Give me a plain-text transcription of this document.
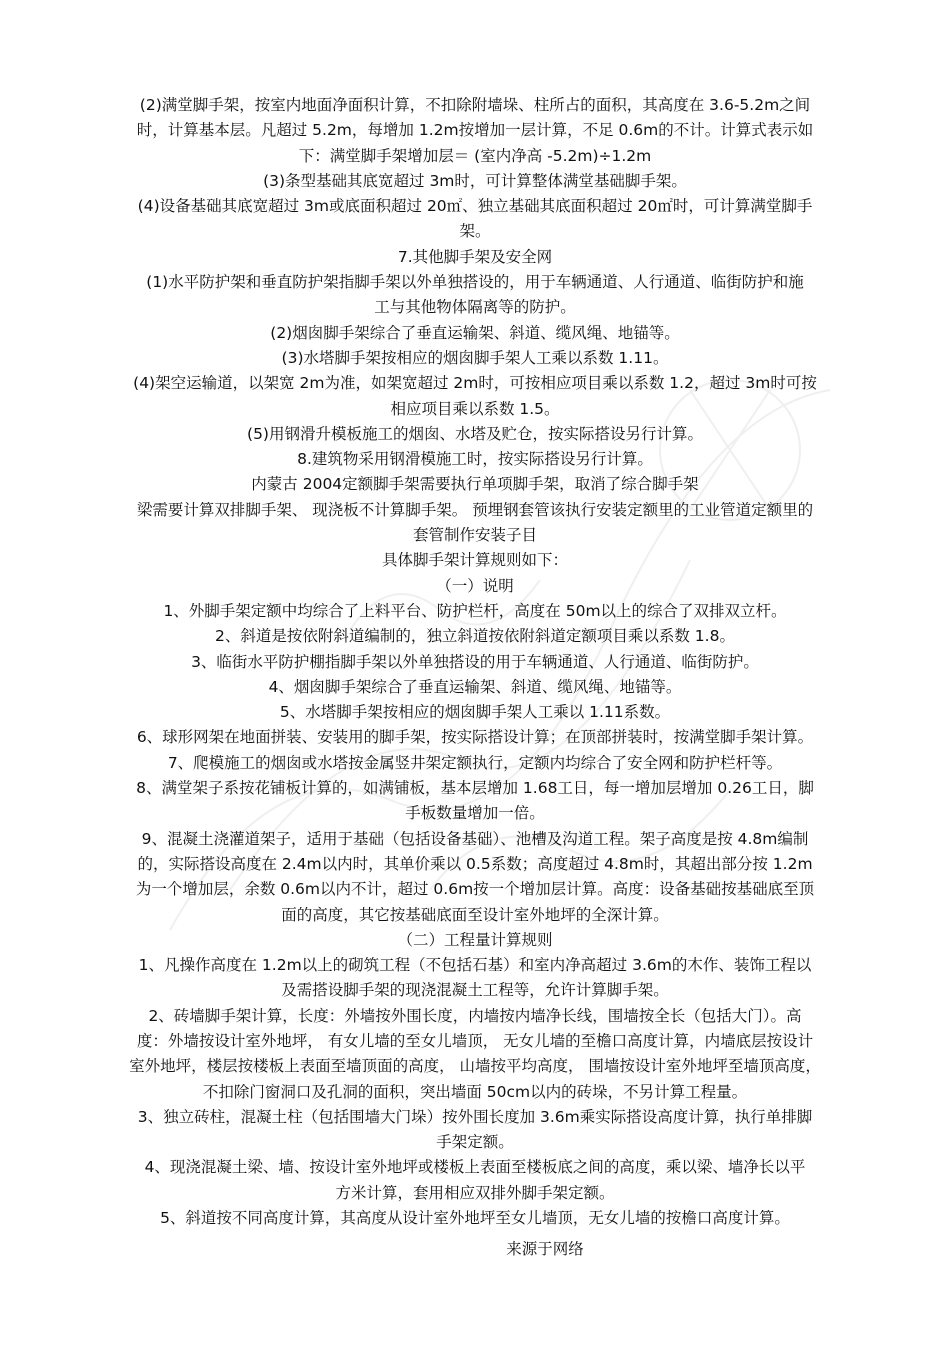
(2)满堂脚手架，按室内地面净面积计算，不扣除附墙垛、柱所占的面积，其高度在 3.6-5.2m之间
时，计算基本层。凡超过 5.2m，每增加 1.2m按增加一层计算，不足 0.6m的不计。计算式表示如
下：满堂脚手架增加层＝ (室内净高 -5.2m)÷1.2m
(3)条型基础其底宽超过 3m时，可计算整体满堂基础脚手架。
(4)设备基础其底宽超过 3m或底面积超过 20㎡、独立基础其底面积超过 20㎡时，可计算满堂脚手
架。
7.其他脚手架及安全网
(1)水平防护架和垂直防护架指脚手架以外单独搭设的，用于车辆通道、人行通道、临街防护和施
工与其他物体隔离等的防护。
(2)烟囱脚手架综合了垂直运输架、斜道、缆风绳、地锚等。
(3)水塔脚手架按相应的烟囱脚手架人工乘以系数 1.11。
(4)架空运输道，以架宽 2m为准，如架宽超过 2m时，可按相应项目乘以系数 1.2，超过 3m时可按
相应项目乘以系数 1.5。
(5)用钢滑升模板施工的烟囱、水塔及贮仓，按实际搭设另行计算。
8.建筑物采用钢滑模施工时，按实际搭设另行计算。
内蒙古 2004定额脚手架需要执行单项脚手架，取消了综合脚手架
梁需要计算双排脚手架、 现浇板不计算脚手架。 预埋钢套管该执行安装定额里的工业管道定额里的
套管制作安装子目
具体脚手架计算规则如下：
（一）说明
1、外脚手架定额中均综合了上料平台、防护栏杆，高度在 50m以上的综合了双排双立杆。
2、斜道是按依附斜道编制的，独立斜道按依附斜道定额项目乘以系数 1.8。
3、临街水平防护棚指脚手架以外单独搭设的用于车辆通道、人行通道、临街防护。
4、烟囱脚手架综合了垂直运输架、斜道、缆风绳、地锚等。
5、水塔脚手架按相应的烟囱脚手架人工乘以 1.11系数。
6、球形网架在地面拼装、安装用的脚手架，按实际搭设计算；在顶部拼装时，按满堂脚手架计算。
7、爬模施工的烟囱或水塔按金属竖井架定额执行，定额内均综合了安全网和防护栏杆等。
8、满堂架子系按花铺板计算的，如满铺板，基本层增加 1.68工日，每一增加层增加 0.26工日，脚
手板数量增加一倍。
9、混凝土浇灌道架子，适用于基础（包括设备基础）、池槽及沟道工程。架子高度是按 4.8m编制
的，实际搭设高度在 2.4m以内时，其单价乘以 0.5系数；高度超过 4.8m时，其超出部分按 1.2m
为一个增加层，余数 0.6m以内不计，超过 0.6m按一个增加层计算。高度：设备基础按基础底至顶
面的高度，其它按基础底面至设计室外地坪的全深计算。
（二）工程量计算规则
1、凡操作高度在 1.2m以上的砌筑工程（不包括石基）和室内净高超过 3.6m的木作、装饰工程以
及需搭设脚手架的现浇混凝土工程等，允许计算脚手架。
2、砖墙脚手架计算，长度：外墙按外围长度，内墙按内墙净长线，围墙按全长（包括大门）。高
度：外墙按设计室外地坪， 有女儿墙的至女儿墙顶， 无女儿墙的至檐口高度计算，内墙底层按设计
室外地坪，楼层按楼板上表面至墙顶面的高度， 山墙按平均高度， 围墙按设计室外地坪至墙顶高度，
不扣除门窗洞口及孔洞的面积，突出墙面 50cm以内的砖垛，不另计算工程量。
3、独立砖柱，混凝土柱（包括围墙大门垛）按外围长度加 3.6m乘实际搭设高度计算，执行单排脚
手架定额。
4、现浇混凝土梁、墙、按设计室外地坪或楼板上表面至楼板底之间的高度，乘以梁、墙净长以平
方米计算，套用相应双排外脚手架定额。
5、斜道按不同高度计算，其高度从设计室外地坪至女儿墙顶，无女儿墙的按檐口高度计算。
来源于网络
